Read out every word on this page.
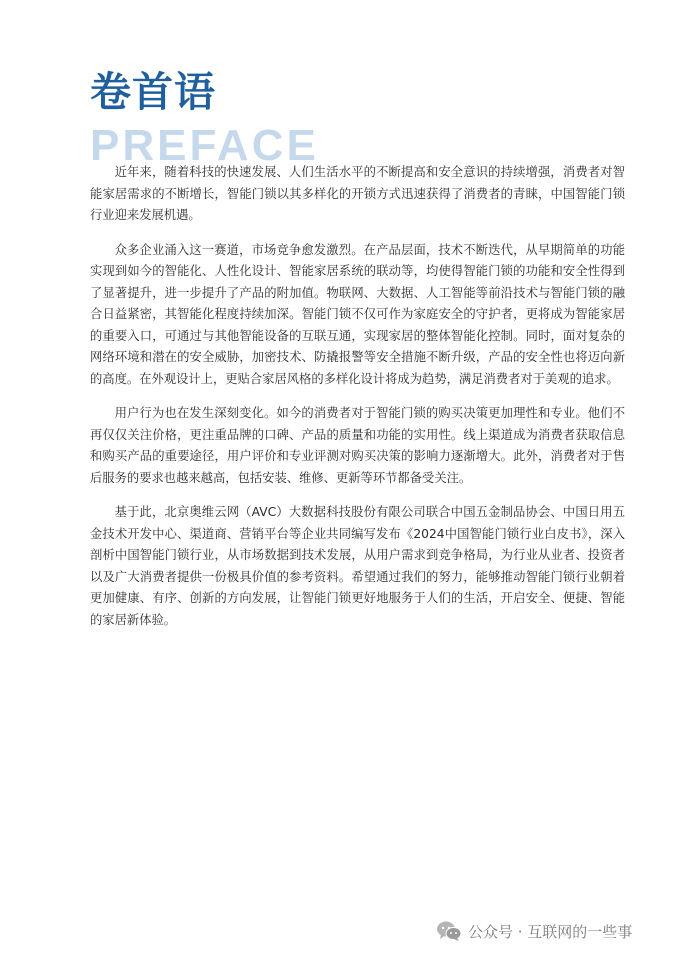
卷首语
PREFACE

近年来，随着科技的快速发展、人们生活水平的不断提高和安全意识的持续增强，消费者对智能家居需求的不断增长，智能门锁以其多样化的开锁方式迅速获得了消费者的青睐，中国智能门锁行业迎来发展机遇。

众多企业涌入这一赛道，市场竞争愈发激烈。在产品层面，技术不断迭代，从早期简单的功能实现到如今的智能化、人性化设计、智能家居系统的联动等，均使得智能门锁的功能和安全性得到了显著提升，进一步提升了产品的附加值。物联网、大数据、人工智能等前沿技术与智能门锁的融合日益紧密，其智能化程度持续加深。智能门锁不仅可作为家庭安全的守护者，更将成为智能家居的重要入口，可通过与其他智能设备的互联互通，实现家居的整体智能化控制。同时，面对复杂的网络环境和潜在的安全威胁，加密技术、防撬报警等安全措施不断升级，产品的安全性也将迈向新的高度。在外观设计上，更贴合家居风格的多样化设计将成为趋势，满足消费者对于美观的追求。

用户行为也在发生深刻变化。如今的消费者对于智能门锁的购买决策更加理性和专业。他们不再仅仅关注价格，更注重品牌的口碑、产品的质量和功能的实用性。线上渠道成为消费者获取信息和购买产品的重要途径，用户评价和专业评测对购买决策的影响力逐渐增大。此外，消费者对于售后服务的要求也越来越高，包括安装、维修、更新等环节都备受关注。

基于此，北京奥维云网（AVC）大数据科技股份有限公司联合中国五金制品协会、中国日用五金技术开发中心、渠道商、营销平台等企业共同编写发布《2024中国智能门锁行业白皮书》，深入剖析中国智能门锁行业，从市场数据到技术发展，从用户需求到竞争格局，为行业从业者、投资者以及广大消费者提供一份极具价值的参考资料。希望通过我们的努力，能够推动智能门锁行业朝着更加健康、有序、创新的方向发展，让智能门锁更好地服务于人们的生活，开启安全、便捷、智能的家居新体验。

公众号 · 互联网的一些事
